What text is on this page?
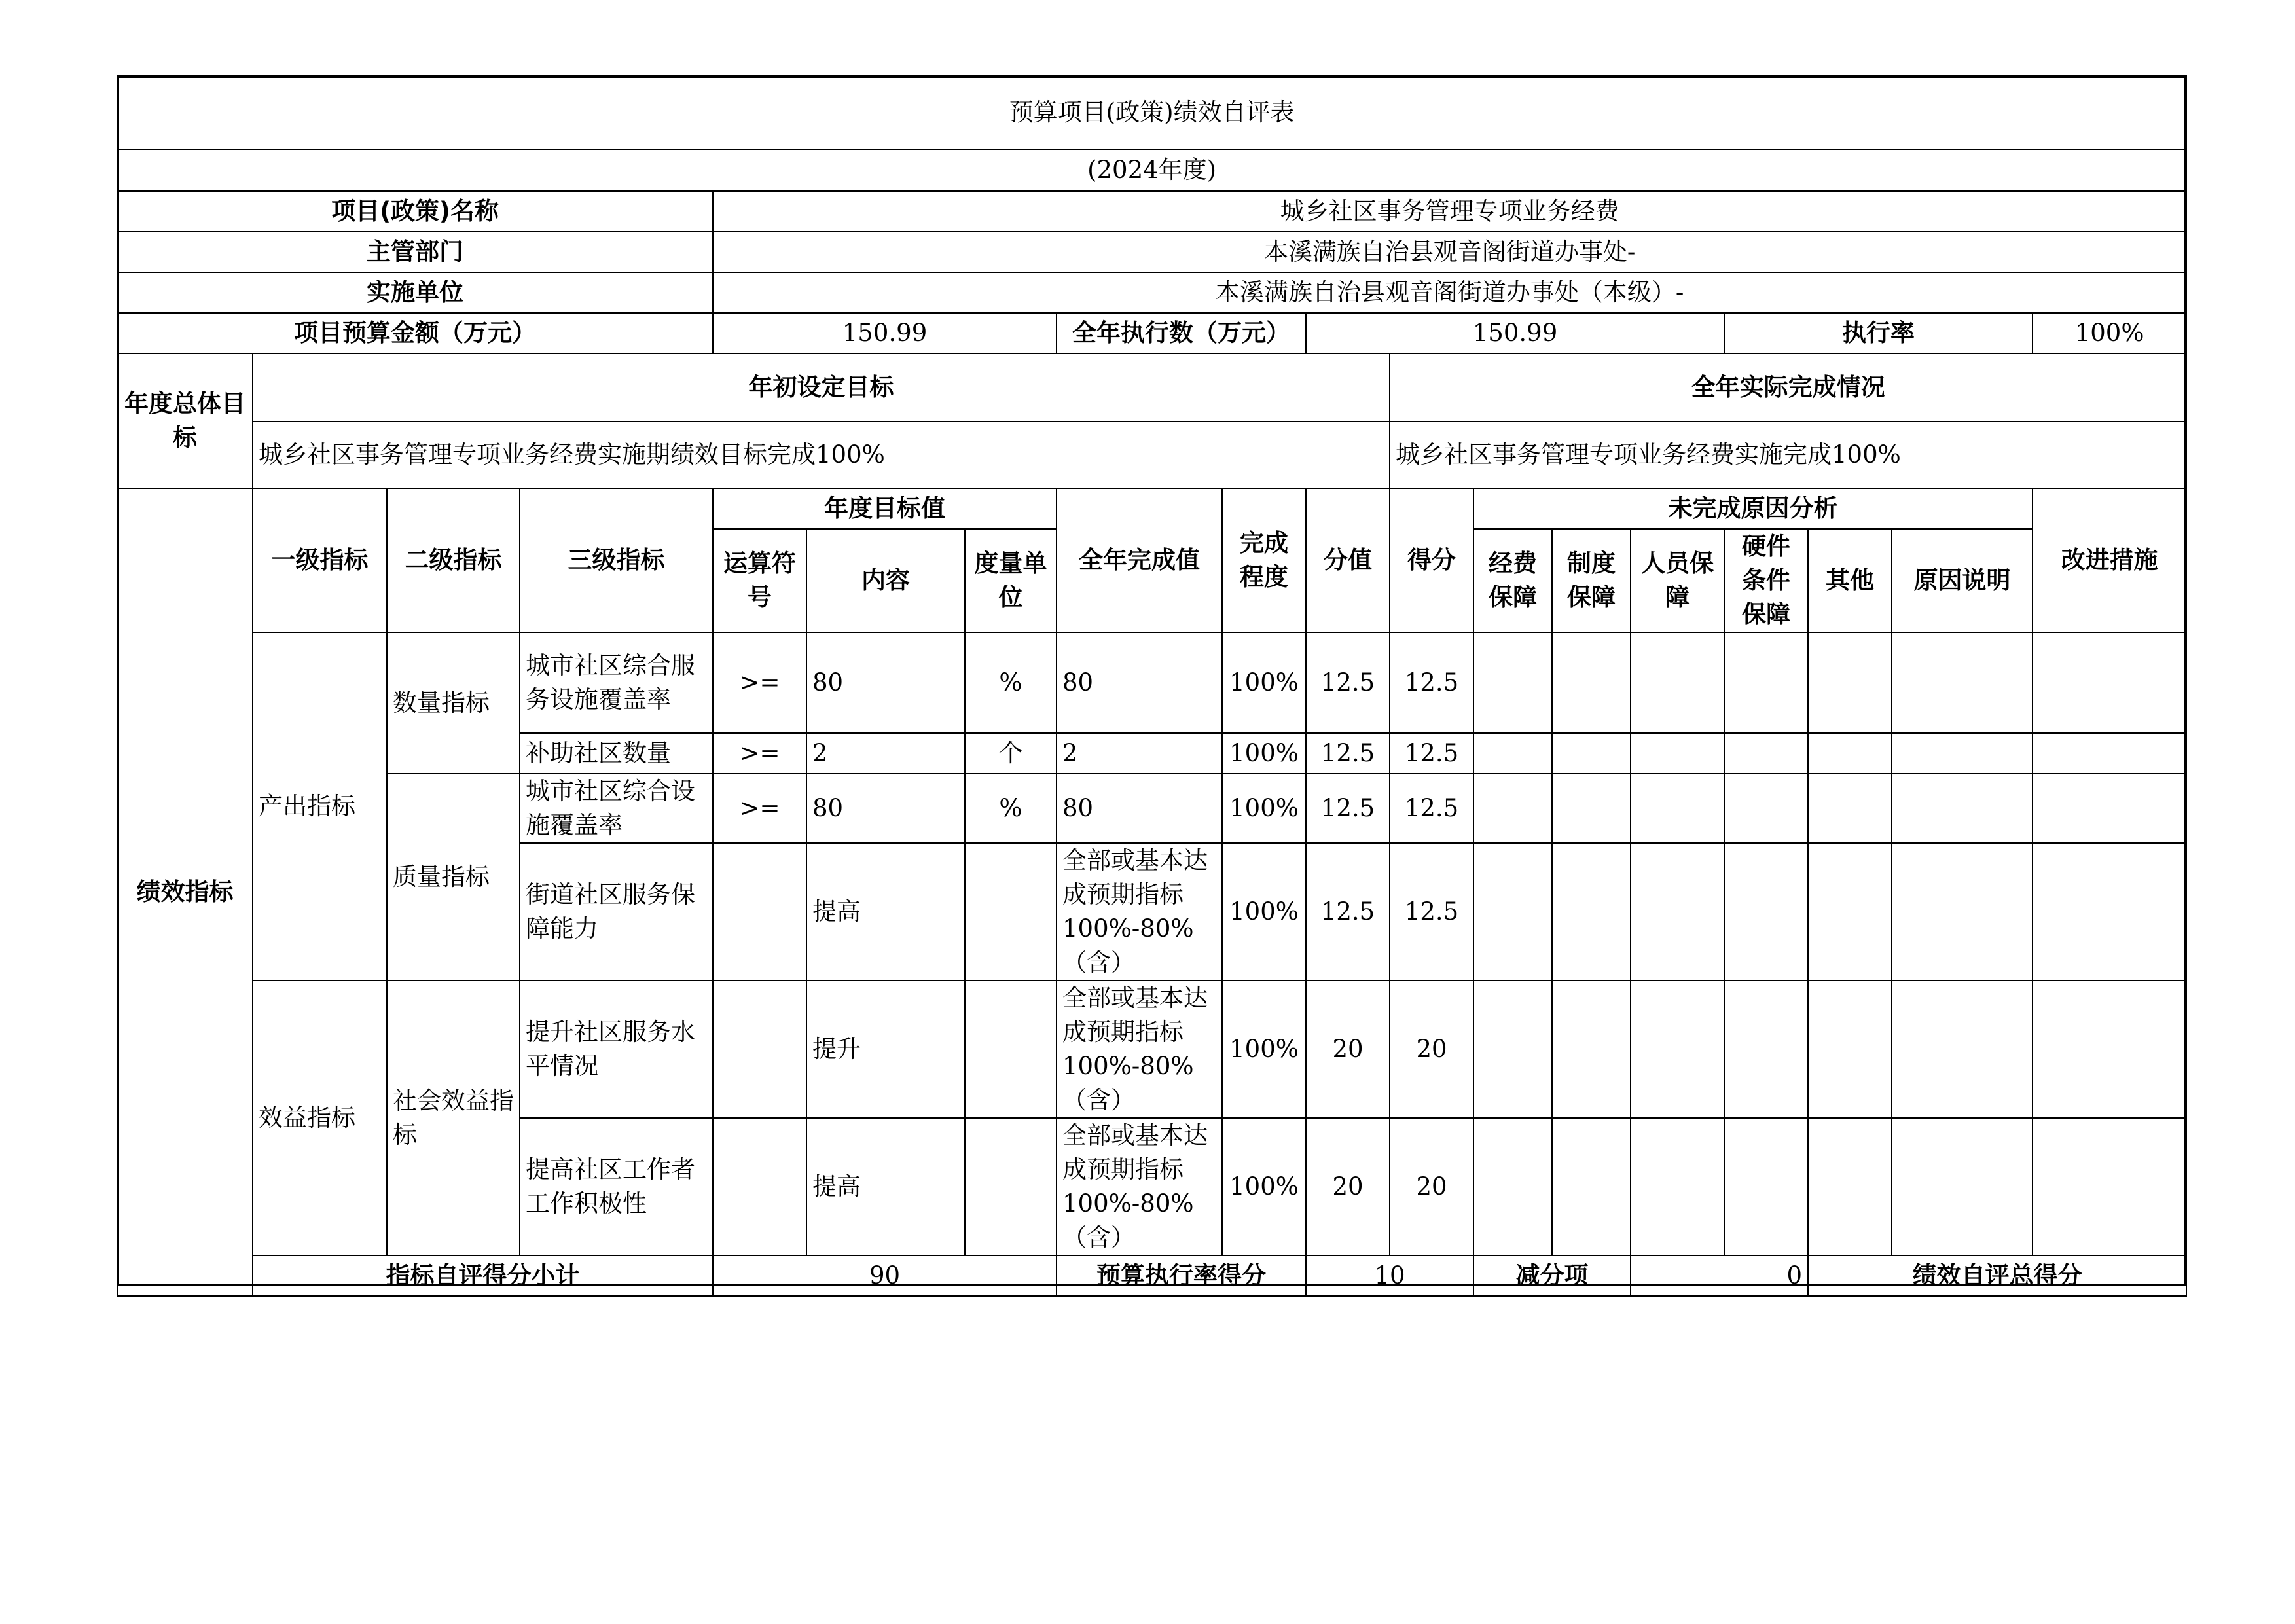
预算项目(政策)绩效自评表																		
(2024年度)																		
项目(政策)名称				城乡社区事务管理专项业务经费														
主管部门				本溪满族自治县观音阁街道办事处-														
实施单位				本溪满族自治县观音阁街道办事处（本级）-														
项目预算金额（万元）				150.99			全年执行数（万元）		150.99					执行率			100%	
年度总体目标	年初设定目标									全年实际完成情况								
	城乡社区事务管理专项业务经费实施期绩效目标完成100%									城乡社区事务管理专项业务经费实施完成100%								
绩效指标	一级指标	二级指标	三级指标	年度目标值			全年完成值	完成程度	分值	得分	未完成原因分析						改进措施	
				运算符号	内容	度量单位					经费保障	制度保障	人员保障	硬件条件保障	其他	原因说明		
	产出指标	数量指标	城市社区综合服务设施覆盖率	>=	80	%	80	100%	12.5	12.5								
			补助社区数量	>=	2	个	2	100%	12.5	12.5								
		质量指标	城市社区综合设施覆盖率	>=	80	%	80	100%	12.5	12.5								
			街道社区服务保障能力		提高		全部或基本达成预期指标100%-80%（含）	100%	12.5	12.5								
	效益指标	社会效益指标	提升社区服务水平情况		提升		全部或基本达成预期指标100%-80%（含）	100%	20	20								
			提高社区工作者工作积极性		提高		全部或基本达成预期指标100%-80%（含）	100%	20	20								
	指标自评得分小计			90			预算执行率得分		10		减分项		0		绩效自评总得分	
